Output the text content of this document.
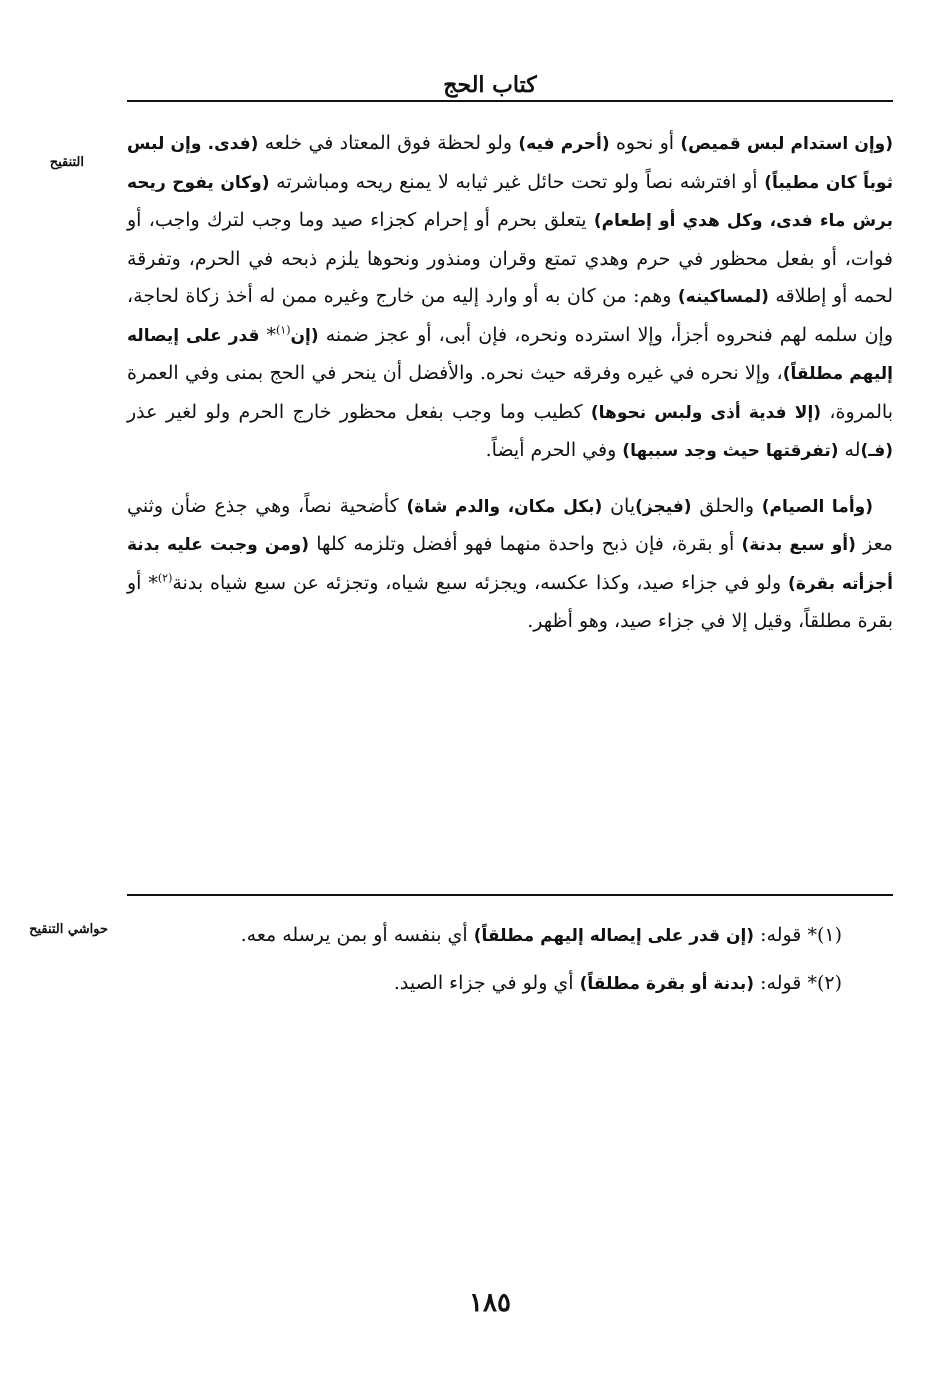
كتاب الحج
التنقيح

(وإن استدام لبس قميص) أو نحوه (أحرم فيه) ولو لحظة فوق المعتاد في خلعه (فدى. وإن لبس ثوباً كان مطيباً) أو افترشه نصاً ولو تحت حائل غير ثيابه لا يمنع ريحه ومباشرته (وكان يفوح ريحه برش ماء فدى، وكل هدي أو إطعام) يتعلق بحرم أو إحرام كجزاء صيد وما وجب لترك واجب، أو فوات، أو بفعل محظور في حرم وهدي تمتع وقران ومنذور ونحوها يلزم ذبحه في الحرم، وتفرقة لحمه أو إطلاقه (لمساكينه) وهم: من كان به أو وارد إليه من خارج وغيره ممن له أخذ زكاة لحاجة، وإن سلمه لهم فنحروه أجزأ، وإلا استرده ونحره، فإن أبى، أو عجز ضمنه (إن$^{(١)}$* قدر على إيصاله إليهم مطلقاً)، وإلا نحره في غيره وفرقه حيث نحره. والأفضل أن ينحر في الحج بمنى وفي العمرة بالمروة، (إلا فدية أذى ولبس نحوها) كطيب وما وجب بفعل محظور خارج الحرم ولو لغير عذر (فـ)له (تفرقتها حيث وجد سببها) وفي الحرم أيضاً.

(وأما الصيام) والحلق (فيجز)يان (بكل مكان، والدم شاة) كأضحية نصاً، وهي جذع ضأن وثني معز (أو سبع بدنة) أو بقرة، فإن ذبح واحدة منهما فهو أفضل وتلزمه كلها (ومن وجبت عليه بدنة أجزأته بقرة) ولو في جزاء صيد، وكذا عكسه، ويجزئه سبع شياه، وتجزئه عن سبع شياه بدنة$^{(٢)}$* أو بقرة مطلقاً، وقيل إلا في جزاء صيد، وهو أظهر.

حواشي التنقيح	(١)* قوله: (إن قدر على إيصاله إليهم مطلقاً) أي بنفسه أو بمن يرسله معه.
(٢)* قوله: (بدنة أو بقرة مطلقاً) أي ولو في جزاء الصيد.
١٨٥
